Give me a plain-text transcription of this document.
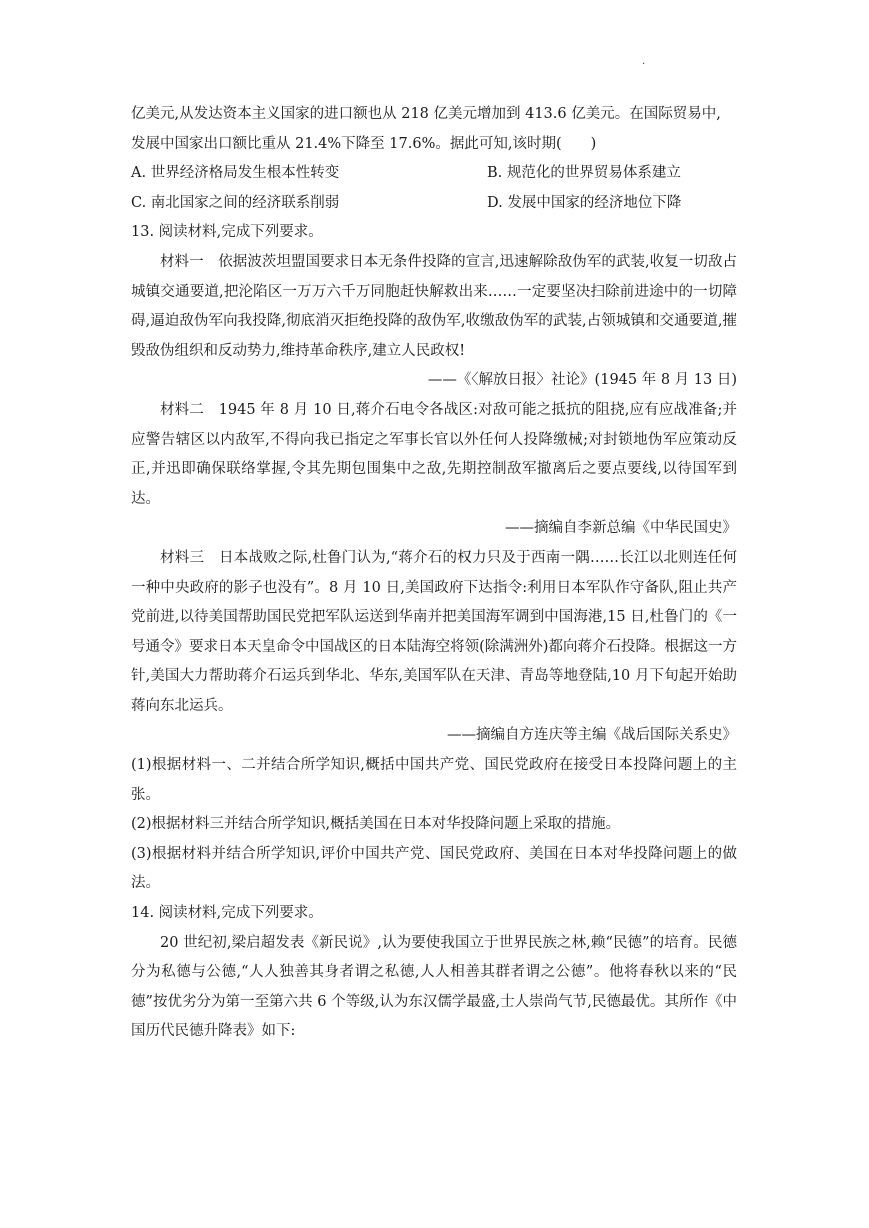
.

亿美元,从发达资本主义国家的进口额也从 218 亿美元增加到 413.6 亿美元。在国际贸易中,

发展中国家出口额比重从 21.4%下降至 17.6%。据此可知,该时期(　　)

A. 世界经济格局发生根本性转变	B. 规范化的世界贸易体系建立
C. 南北国家之间的经济联系削弱	D. 发展中国家的经济地位下降

13. 阅读材料,完成下列要求。

材料一　依据波茨坦盟国要求日本无条件投降的宣言,迅速解除敌伪军的武装,收复一切敌占城镇交通要道,把沦陷区一万万六千万同胞赶快解救出来……一定要坚决扫除前进途中的一切障碍,逼迫敌伪军向我投降,彻底消灭拒绝投降的敌伪军,收缴敌伪军的武装,占领城镇和交通要道,摧毁敌伪组织和反动势力,维持革命秩序,建立人民政权!

——《〈解放日报〉社论》(1945 年 8 月 13 日)

材料二　1945 年 8 月 10 日,蒋介石电令各战区:对敌可能之抵抗的阻挠,应有应战准备;并应警告辖区以内敌军,不得向我已指定之军事长官以外任何人投降缴械;对封锁地伪军应策动反正,并迅即确保联络掌握,令其先期包围集中之敌,先期控制敌军撤离后之要点要线,以待国军到达。

——摘编自李新总编《中华民国史》

材料三　日本战败之际,杜鲁门认为,“蒋介石的权力只及于西南一隅……长江以北则连任何一种中央政府的影子也没有”。8 月 10 日,美国政府下达指令:利用日本军队作守备队,阻止共产党前进,以待美国帮助国民党把军队运送到华南并把美国海军调到中国海港,15 日,杜鲁门的《一号通令》要求日本天皇命令中国战区的日本陆海空将领(除满洲外)都向蒋介石投降。根据这一方针,美国大力帮助蒋介石运兵到华北、华东,美国军队在天津、青岛等地登陆,10 月下旬起开始助蒋向东北运兵。

——摘编自方连庆等主编《战后国际关系史》

(1)根据材料一、二并结合所学知识,概括中国共产党、国民党政府在接受日本投降问题上的主张。

(2)根据材料三并结合所学知识,概括美国在日本对华投降问题上采取的措施。

(3)根据材料并结合所学知识,评价中国共产党、国民党政府、美国在日本对华投降问题上的做法。

14. 阅读材料,完成下列要求。

20 世纪初,梁启超发表《新民说》,认为要使我国立于世界民族之林,赖“民德”的培育。民德分为私德与公德,“人人独善其身者谓之私德,人人相善其群者谓之公德”。他将春秋以来的“民德”按优劣分为第一至第六共 6 个等级,认为东汉儒学最盛,士人崇尚气节,民德最优。其所作《中国历代民德升降表》如下:
